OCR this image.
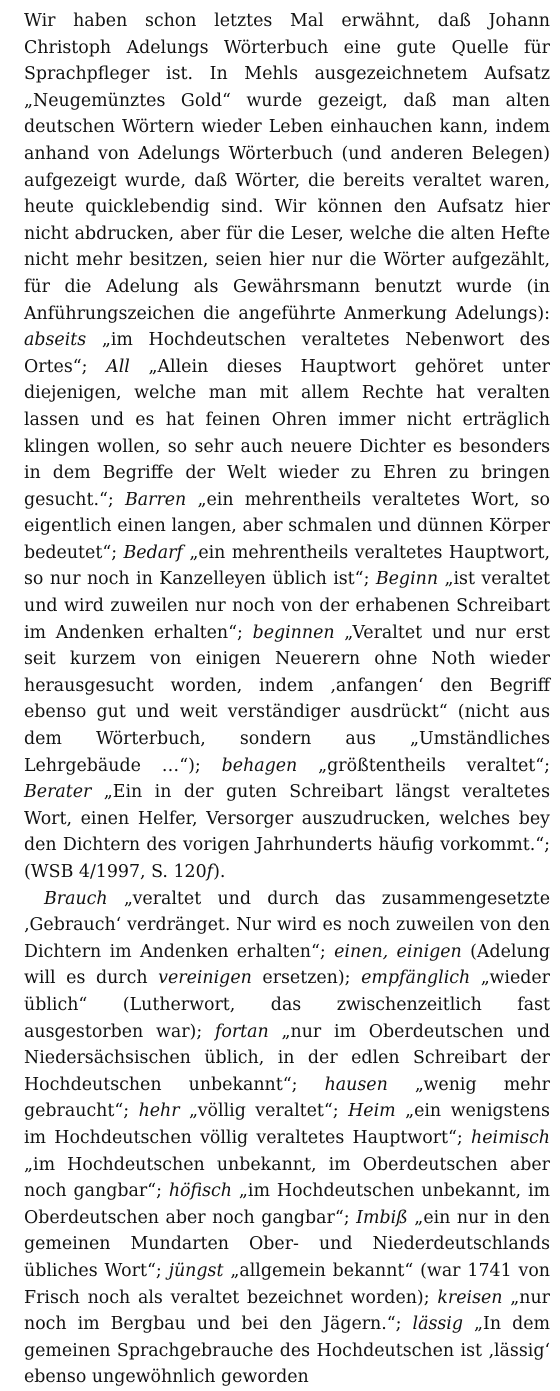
Wir haben schon letztes Mal erwähnt, daß Johann Christoph Adelungs Wörterbuch eine gute Quelle für Sprachpfleger ist. In Mehls ausgezeichnetem Aufsatz „Neugemünztes Gold“ wurde gezeigt, daß man alten deutschen Wörtern wieder Leben einhauchen kann, indem anhand von Adelungs Wörterbuch (und anderen Belegen) aufgezeigt wurde, daß Wörter, die bereits veraltet waren, heute quicklebendig sind. Wir können den Aufsatz hier nicht abdrucken, aber für die Leser, welche die alten Hefte nicht mehr besitzen, seien hier nur die Wörter aufgezählt, für die Adelung als Gewährsmann benutzt wurde (in Anführungszeichen die angeführte Anmerkung Adelungs): abseits „im Hochdeutschen veraltetes Nebenwort des Ortes“; All „Allein dieses Hauptwort gehöret unter diejenigen, welche man mit allem Rechte hat veralten lassen und es hat feinen Ohren immer nicht erträglich klingen wollen, so sehr auch neuere Dichter es besonders in dem Begriffe der Welt wieder zu Ehren zu bringen gesucht.“; Barren „ein mehrentheils veraltetes Wort, so eigentlich einen langen, aber schmalen und dünnen Körper bedeutet“; Bedarf „ein mehrentheils veraltetes Hauptwort, so nur noch in Kanzelleyen üblich ist“; Beginn „ist veraltet und wird zuweilen nur noch von der erhabenen Schreibart im Andenken erhalten“; beginnen „Veraltet und nur erst seit kurzem von einigen Neuerern ohne Noth wieder herausgesucht worden, indem ‚anfangen‘ den Begriff ebenso gut und weit verständiger ausdrückt“ (nicht aus dem Wörterbuch, sondern aus „Umständliches Lehrgebäude …“); behagen „größtentheils veraltet“; Berater „Ein in der guten Schreibart längst veraltetes Wort, einen Helfer, Versorger auszudrucken, welches bey den Dichtern des vorigen Jahrhunderts häufig vorkommt.“; (WSB 4/1997, S. 120f).

Brauch „veraltet und durch das zusammengesetzte ‚Gebrauch‘ verdränget. Nur wird es noch zuweilen von den Dichtern im Andenken erhalten“; einen, einigen (Adelung will es durch vereinigen ersetzen); empfänglich „wieder üblich“ (Lutherwort, das zwischenzeitlich fast ausgestorben war); fortan „nur im Oberdeutschen und Niedersächsischen üblich, in der edlen Schreibart der Hochdeutschen unbekannt“; hausen „wenig mehr gebraucht“; hehr „völlig veraltet“; Heim „ein wenigstens im Hochdeutschen völlig veraltetes Hauptwort“; heimisch „im Hochdeutschen unbekannt, im Oberdeutschen aber noch gangbar“; höfisch „im Hochdeutschen unbekannt, im Oberdeutschen aber noch gangbar“; Imbiß „ein nur in den gemeinen Mundarten Ober- und Niederdeutschlands übliches Wort“; jüngst „allgemein bekannt“ (war 1741 von Frisch noch als veraltet bezeichnet worden); kreisen „nur noch im Bergbau und bei den Jägern.“; lässig „In dem gemeinen Sprachgebrauche des Hochdeutschen ist ‚lässig‘ ebenso ungewöhnlich geworden
